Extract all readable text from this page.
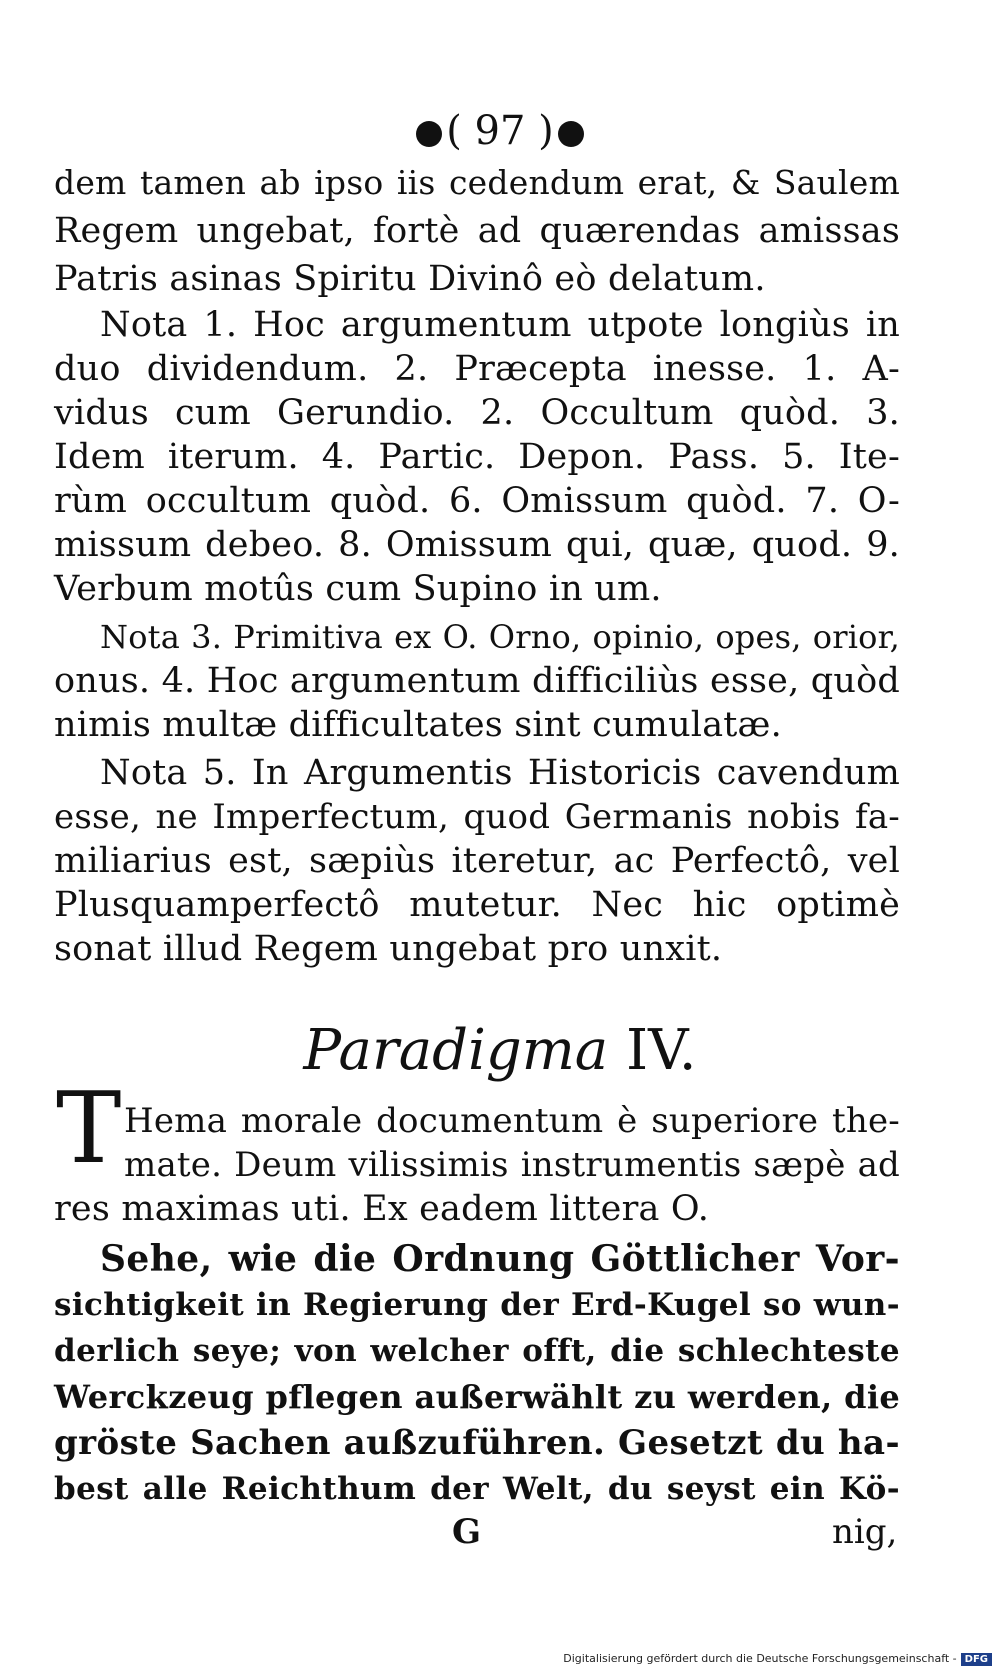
( 97 )
dem tamen ab ipso iis cedendum erat, & Saulem
Regem ungebat, fortè ad quærendas amissas
Patris asinas Spiritu Divinô eò delatum.
Nota 1. Hoc argumentum utpote longiùs in
duo dividendum. 2. Præcepta inesse. 1. A-
vidus cum Gerundio. 2. Occultum quòd. 3.
Idem iterum. 4. Partic. Depon. Pass. 5. Ite-
rùm occultum quòd. 6. Omissum quòd. 7. O-
missum debeo. 8. Omissum qui, quæ, quod. 9.
Verbum motûs cum Supino in um.
Nota 3. Primitiva ex O. Orno, opinio, opes, orior,
onus. 4. Hoc argumentum difficiliùs esse, quòd
nimis multæ difficultates sint cumulatæ.
Nota 5. In Argumentis Historicis cavendum
esse, ne Imperfectum, quod Germanis nobis fa-
miliarius est, sæpiùs iteretur, ac Perfectô, vel
Plusquamperfectô mutetur. Nec hic optimè
sonat illud Regem ungebat pro unxit.
Paradigma IV.
T Hema morale documentum è superiore the-
mate. Deum vilissimis instrumentis sæpè ad
res maximas uti. Ex eadem littera O.
Sehe, wie die Ordnung Göttlicher Vor-
sichtigkeit in Regierung der Erd-Kugel so wun-
derlich seye; von welcher offt, die schlechteste
Werckzeug pflegen außerwählt zu werden, die
gröste Sachen außzuführen. Gesetzt du ha-
best alle Reichthum der Welt, du seyst ein Kö-
G	nig,
Digitalisierung gefördert durch die Deutsche Forschungsgemeinschaft - DFG
